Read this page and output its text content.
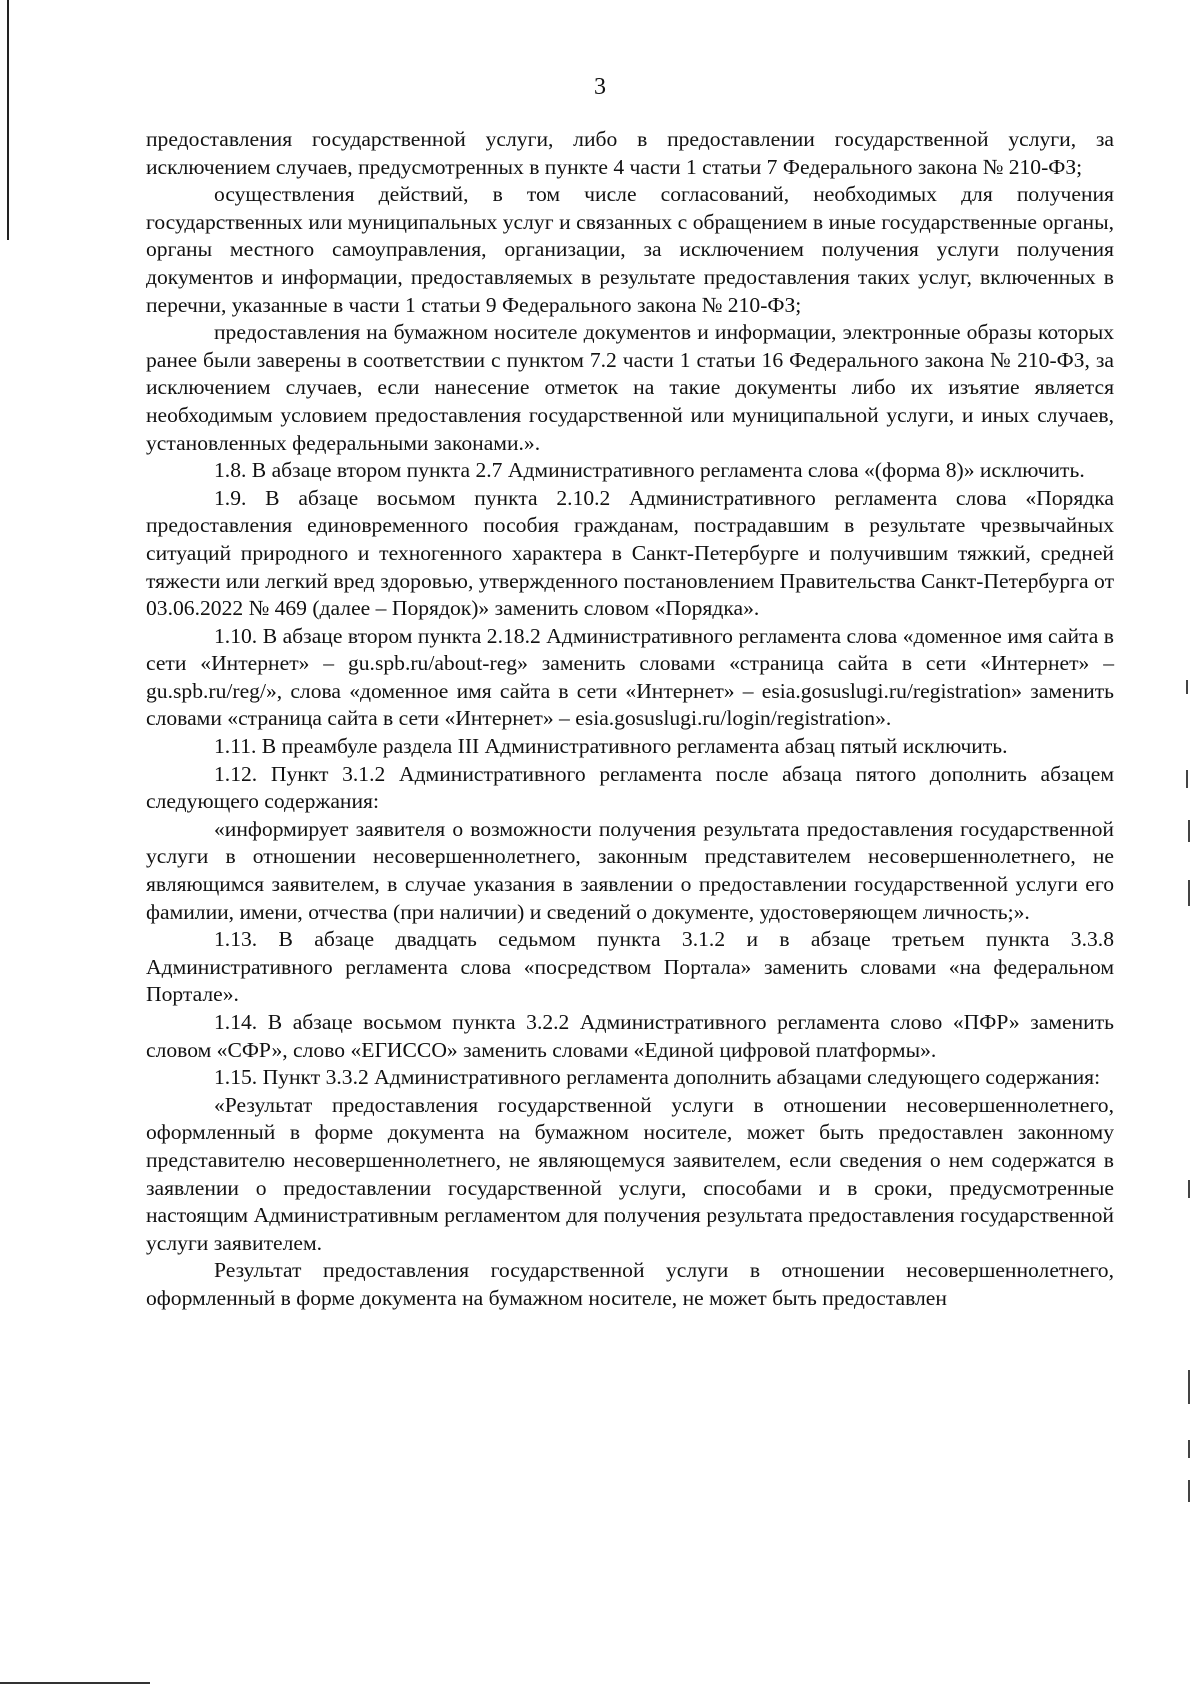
3

предоставления государственной услуги, либо в предоставлении государственной услуги, за исключением случаев, предусмотренных в пункте 4 части 1 статьи 7 Федерального закона № 210-ФЗ;

осуществления действий, в том числе согласований, необходимых для получения государственных или муниципальных услуг и связанных с обращением в иные государственные органы, органы местного самоуправления, организации, за исключением получения услуги получения документов и информации, предоставляемых в результате предоставления таких услуг, включенных в перечни, указанные в части 1 статьи 9 Федерального закона № 210-ФЗ;

предоставления на бумажном носителе документов и информации, электронные образы которых ранее были заверены в соответствии с пунктом 7.2 части 1 статьи 16 Федерального закона № 210-ФЗ, за исключением случаев, если нанесение отметок на такие документы либо их изъятие является необходимым условием предоставления государственной или муниципальной услуги, и иных случаев, установленных федеральными законами.».

1.8. В абзаце втором пункта 2.7 Административного регламента слова «(форма 8)» исключить.

1.9. В абзаце восьмом пункта 2.10.2 Административного регламента слова «Порядка предоставления единовременного пособия гражданам, пострадавшим в результате чрезвычайных ситуаций природного и техногенного характера в Санкт-Петербурге и получившим тяжкий, средней тяжести или легкий вред здоровью, утвержденного постановлением Правительства Санкт-Петербурга от 03.06.2022 № 469 (далее – Порядок)» заменить словом «Порядка».

1.10. В абзаце втором пункта 2.18.2 Административного регламента слова «доменное имя сайта в сети «Интернет» – gu.spb.ru/about-reg» заменить словами «страница сайта в сети «Интернет» – gu.spb.ru/reg/», слова «доменное имя сайта в сети «Интернет» – esia.gosuslugi.ru/registration» заменить словами «страница сайта в сети «Интернет» – esia.gosuslugi.ru/login/registration».

1.11. В преамбуле раздела III Административного регламента абзац пятый исключить.

1.12. Пункт 3.1.2 Административного регламента после абзаца пятого дополнить абзацем следующего содержания:

«информирует заявителя о возможности получения результата предоставления государственной услуги в отношении несовершеннолетнего, законным представителем несовершеннолетнего, не являющимся заявителем, в случае указания в заявлении о предоставлении государственной услуги его фамилии, имени, отчества (при наличии) и сведений о документе, удостоверяющем личность;».

1.13. В абзаце двадцать седьмом пункта 3.1.2 и в абзаце третьем пункта 3.3.8 Административного регламента слова «посредством Портала» заменить словами «на федеральном Портале».

1.14. В абзаце восьмом пункта 3.2.2 Административного регламента слово «ПФР» заменить словом «СФР», слово «ЕГИССО» заменить словами «Единой цифровой платформы».

1.15. Пункт 3.3.2 Административного регламента дополнить абзацами следующего содержания:

«Результат предоставления государственной услуги в отношении несовершеннолетнего, оформленный в форме документа на бумажном носителе, может быть предоставлен законному представителю несовершеннолетнего, не являющемуся заявителем, если сведения о нем содержатся в заявлении о предоставлении государственной услуги, способами и в сроки, предусмотренные настоящим Административным регламентом для получения результата предоставления государственной услуги заявителем.

Результат предоставления государственной услуги в отношении несовершеннолетнего, оформленный в форме документа на бумажном носителе, не может быть предоставлен
